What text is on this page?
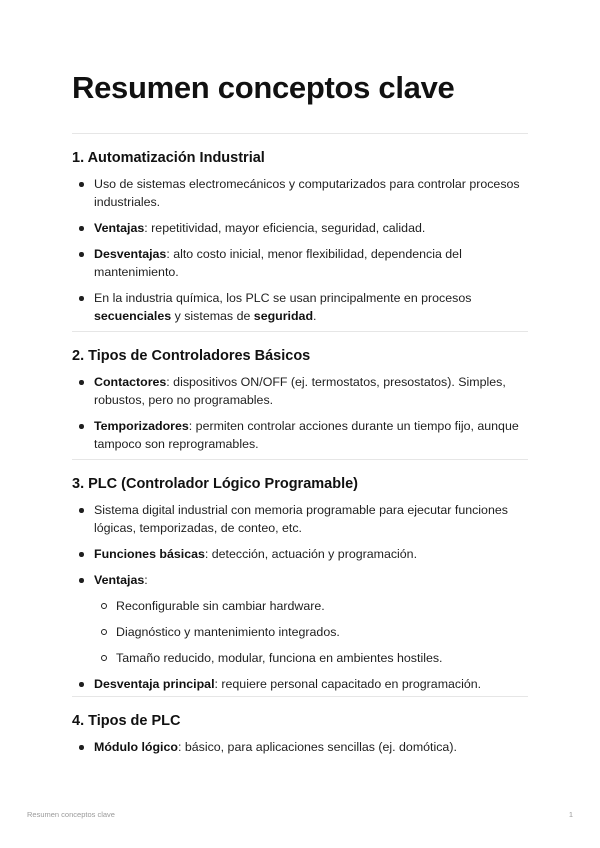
Resumen conceptos clave
1. Automatización Industrial
Uso de sistemas electromecánicos y computarizados para controlar procesos industriales.
Ventajas: repetitividad, mayor eficiencia, seguridad, calidad.
Desventajas: alto costo inicial, menor flexibilidad, dependencia del mantenimiento.
En la industria química, los PLC se usan principalmente en procesos secuenciales y sistemas de seguridad.
2. Tipos de Controladores Básicos
Contactores: dispositivos ON/OFF (ej. termostatos, presostatos). Simples, robustos, pero no programables.
Temporizadores: permiten controlar acciones durante un tiempo fijo, aunque tampoco son reprogramables.
3. PLC (Controlador Lógico Programable)
Sistema digital industrial con memoria programable para ejecutar funciones lógicas, temporizadas, de conteo, etc.
Funciones básicas: detección, actuación y programación.
Ventajas:
Reconfigurable sin cambiar hardware.
Diagnóstico y mantenimiento integrados.
Tamaño reducido, modular, funciona en ambientes hostiles.
Desventaja principal: requiere personal capacitado en programación.
4. Tipos de PLC
Módulo lógico: básico, para aplicaciones sencillas (ej. domótica).
Resumen conceptos clave	1
